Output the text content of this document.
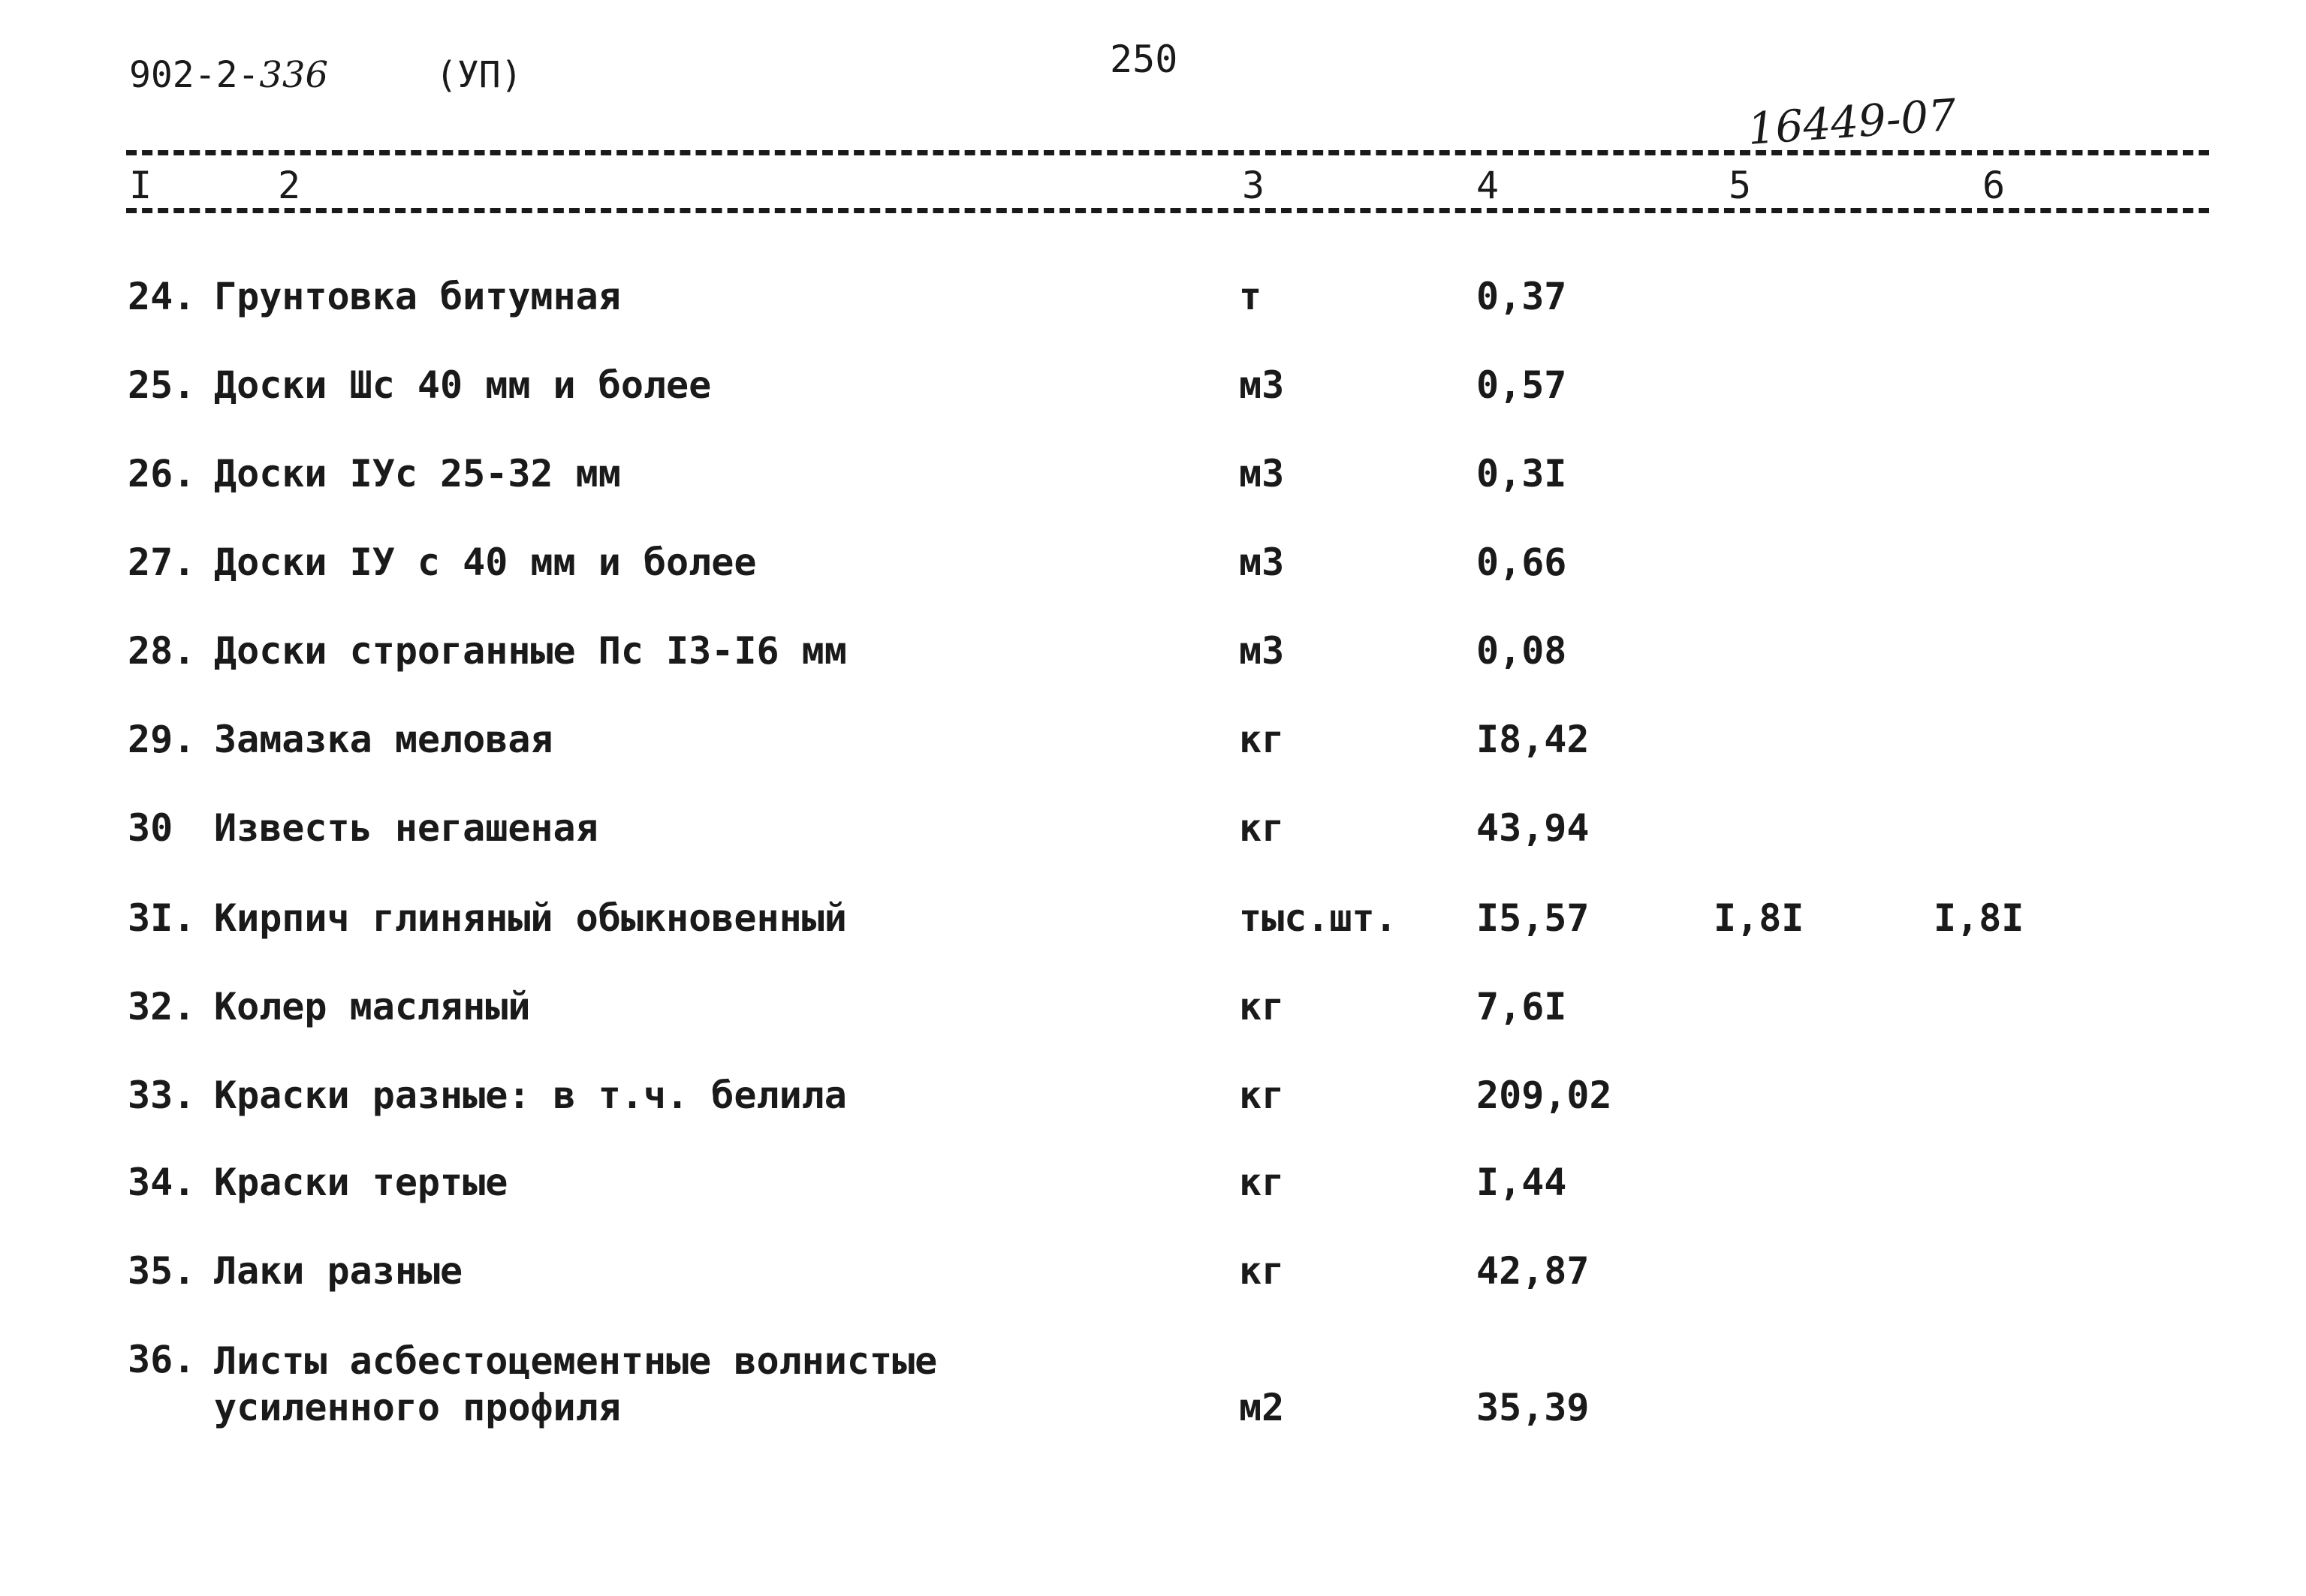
902-2-336	(УП)	250
16449-07
I	2	3	4	5	6
24. Грунтовка битумная	т	0,37
25. Доски Шс 40 мм и более	м3	0,57
26. Доски IУс 25-32 мм	м3	0,3I
27. Доски IУ с 40 мм и более	м3	0,66
28. Доски строганные Пс I3-I6 мм	м3	0,08
29. Замазка меловая	кг	I8,42
30 Известь негашеная	кг	43,94
3I. Кирпич глиняный обыкновенный	тыс.шт. I5,57	I,8I	I,8I
32. Колер масляный	кг	7,6I
33. Краски разные: в т.ч. белила	кг	209,02
34. Краски тертые	кг	I,44
35. Лаки разные	кг	42,87
36. Листы асбестоцементные волнистые усиленного профиля	м2	35,39
